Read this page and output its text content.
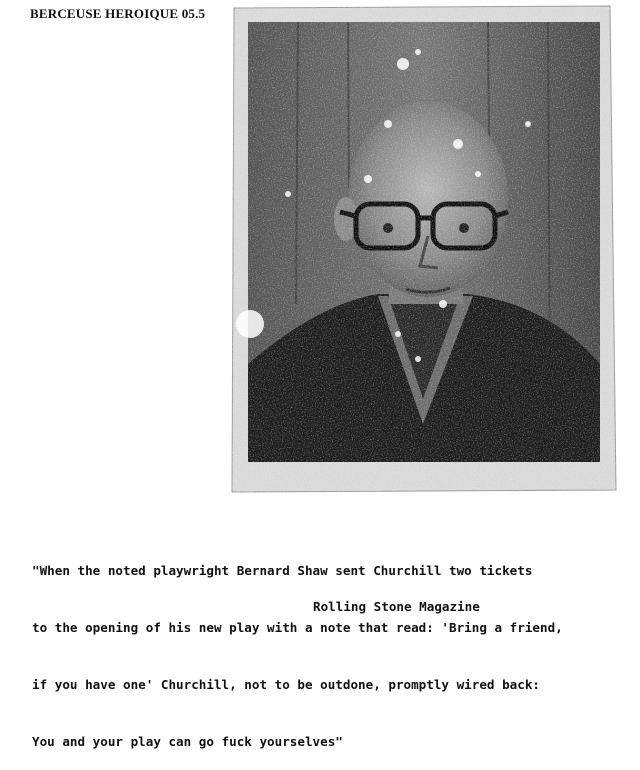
BERCEUSE HEROIQUE 05.5

"When the noted playwright Bernard Shaw sent Churchill two tickets

to the opening of his new play with a note that read: 'Bring a friend,

if you have one' Churchill, not to be outdone, promptly wired back:

You and your play can go fuck yourselves"

Rolling Stone Magazine
